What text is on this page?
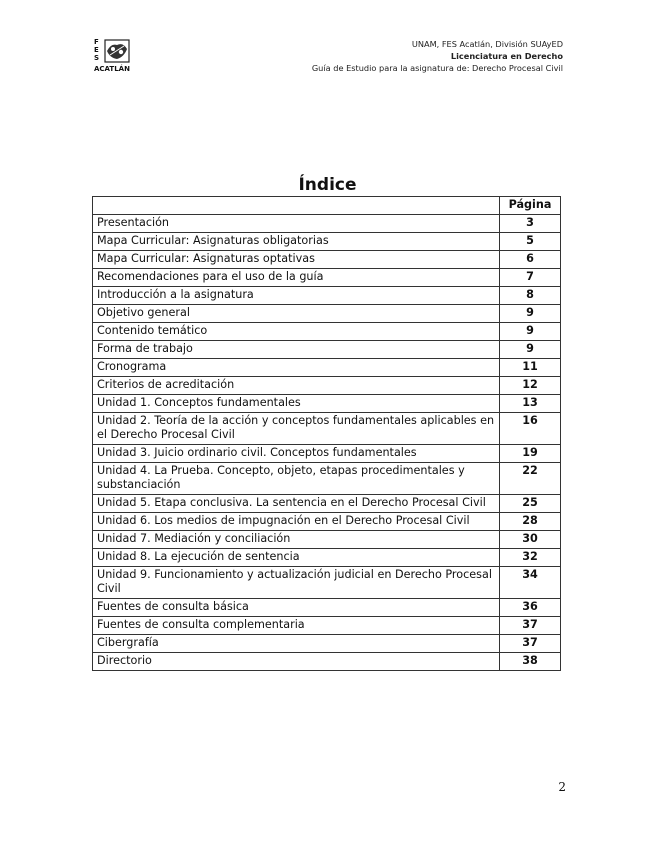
F
E
S
ACATLÁN
UNAM, FES Acatlán, División SUAyED
Licenciatura en Derecho
Guía de Estudio para la asignatura de: Derecho Procesal Civil
Índice
	Página
Presentación	3
Mapa Curricular: Asignaturas obligatorias	5
Mapa Curricular: Asignaturas optativas	6
Recomendaciones para el uso de la guía	7
Introducción a la asignatura	8
Objetivo general	9
Contenido temático	9
Forma de trabajo	9
Cronograma	11
Criterios de acreditación	12
Unidad 1. Conceptos fundamentales	13
Unidad 2. Teoría de la acción y conceptos fundamentales aplicables en el Derecho Procesal Civil	16
Unidad 3. Juicio ordinario civil. Conceptos fundamentales	19
Unidad 4. La Prueba. Concepto, objeto, etapas procedimentales y substanciación	22
Unidad 5. Etapa conclusiva. La sentencia en el Derecho Procesal Civil	25
Unidad 6. Los medios de impugnación en el Derecho Procesal Civil	28
Unidad 7. Mediación y conciliación	30
Unidad 8. La ejecución de sentencia	32
Unidad 9. Funcionamiento y actualización judicial en Derecho Procesal Civil	34
Fuentes de consulta básica	36
Fuentes de consulta complementaria	37
Cibergrafía	37
Directorio	38
2
